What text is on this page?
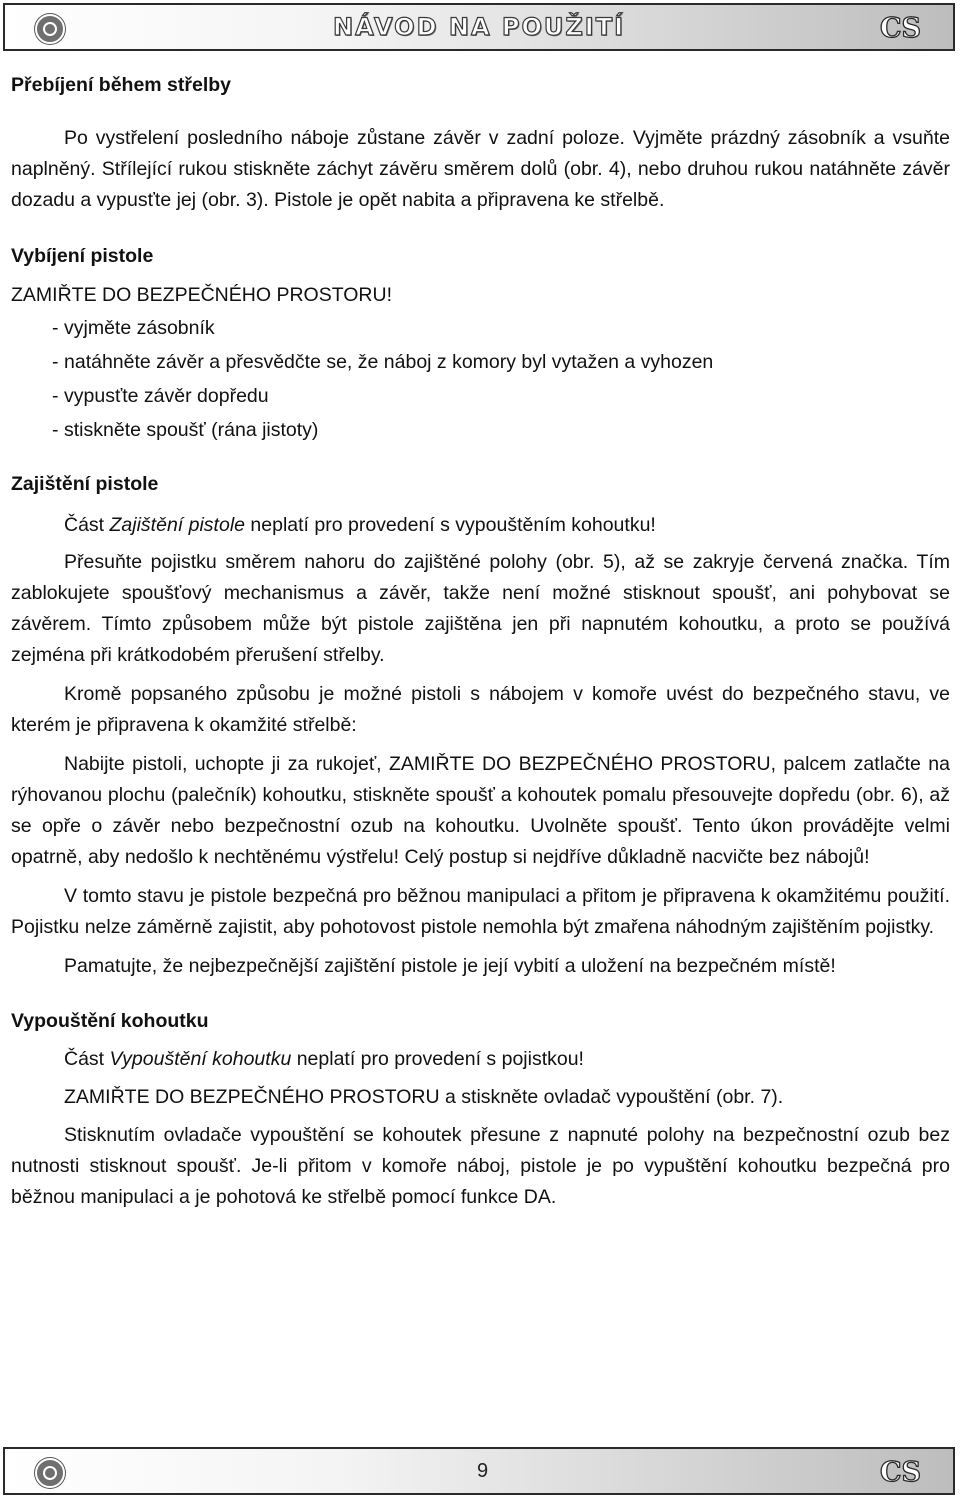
NÁVOD NA POUŽITÍ	CS
Přebíjení během střelby

Po vystřelení posledního náboje zůstane závěr v zadní poloze. Vyjměte prázdný zásobník a vsuňte naplněný. Střílející rukou stiskněte záchyt závěru směrem dolů (obr. 4), nebo druhou rukou natáhněte závěr dozadu a vypusťte jej (obr. 3). Pistole je opět nabita a připravena ke střelbě.

Vybíjení pistole

ZAMIŘTE DO BEZPEČNÉHO PROSTORU!

- vyjměte zásobník
- natáhněte závěr a přesvědčte se, že náboj z komory byl vytažen a vyhozen
- vypusťte závěr dopředu
- stiskněte spoušť (rána jistoty)
Zajištění pistole

Část Zajištění pistole neplatí pro provedení s vypouštěním kohoutku!

Přesuňte pojistku směrem nahoru do zajištěné polohy (obr. 5), až se zakryje červená značka. Tím zablokujete spoušťový mechanismus a závěr, takže není možné stisknout spoušť, ani pohybovat se závěrem. Tímto způsobem může být pistole zajištěna jen při napnutém kohoutku, a proto se používá zejména při krátkodobém přerušení střelby.

Kromě popsaného způsobu je možné pistoli s nábojem v komoře uvést do bezpečného stavu, ve kterém je připravena k okamžité střelbě:

Nabijte pistoli, uchopte ji za rukojeť, ZAMIŘTE DO BEZPEČNÉHO PROSTORU, palcem zatlačte na rýhovanou plochu (palečník) kohoutku, stiskněte spoušť a kohoutek pomalu přesouvejte dopředu (obr. 6), až se opře o závěr nebo bezpečnostní ozub na kohoutku. Uvolněte spoušť. Tento úkon provádějte velmi opatrně, aby nedošlo k nechtěnému výstřelu! Celý postup si nejdříve důkladně nacvičte bez nábojů!

V tomto stavu je pistole bezpečná pro běžnou manipulaci a přitom je připravena k okamžitému použití. Pojistku nelze záměrně zajistit, aby pohotovost pistole nemohla být zmařena náhodným zajištěním pojistky.

Pamatujte, že nejbezpečnější zajištění pistole je její vybití a uložení na bezpečném místě!

Vypouštění kohoutku

Část Vypouštění kohoutku neplatí pro provedení s pojistkou!

ZAMIŘTE DO BEZPEČNÉHO PROSTORU a stiskněte ovladač vypouštění (obr. 7).

Stisknutím ovladače vypouštění se kohoutek přesune z napnuté polohy na bezpečnostní ozub bez nutnosti stisknout spoušť. Je-li přitom v komoře náboj, pistole je po vypuštění kohoutku bezpečná pro běžnou manipulaci a je pohotová ke střelbě pomocí funkce DA.

9	CS
